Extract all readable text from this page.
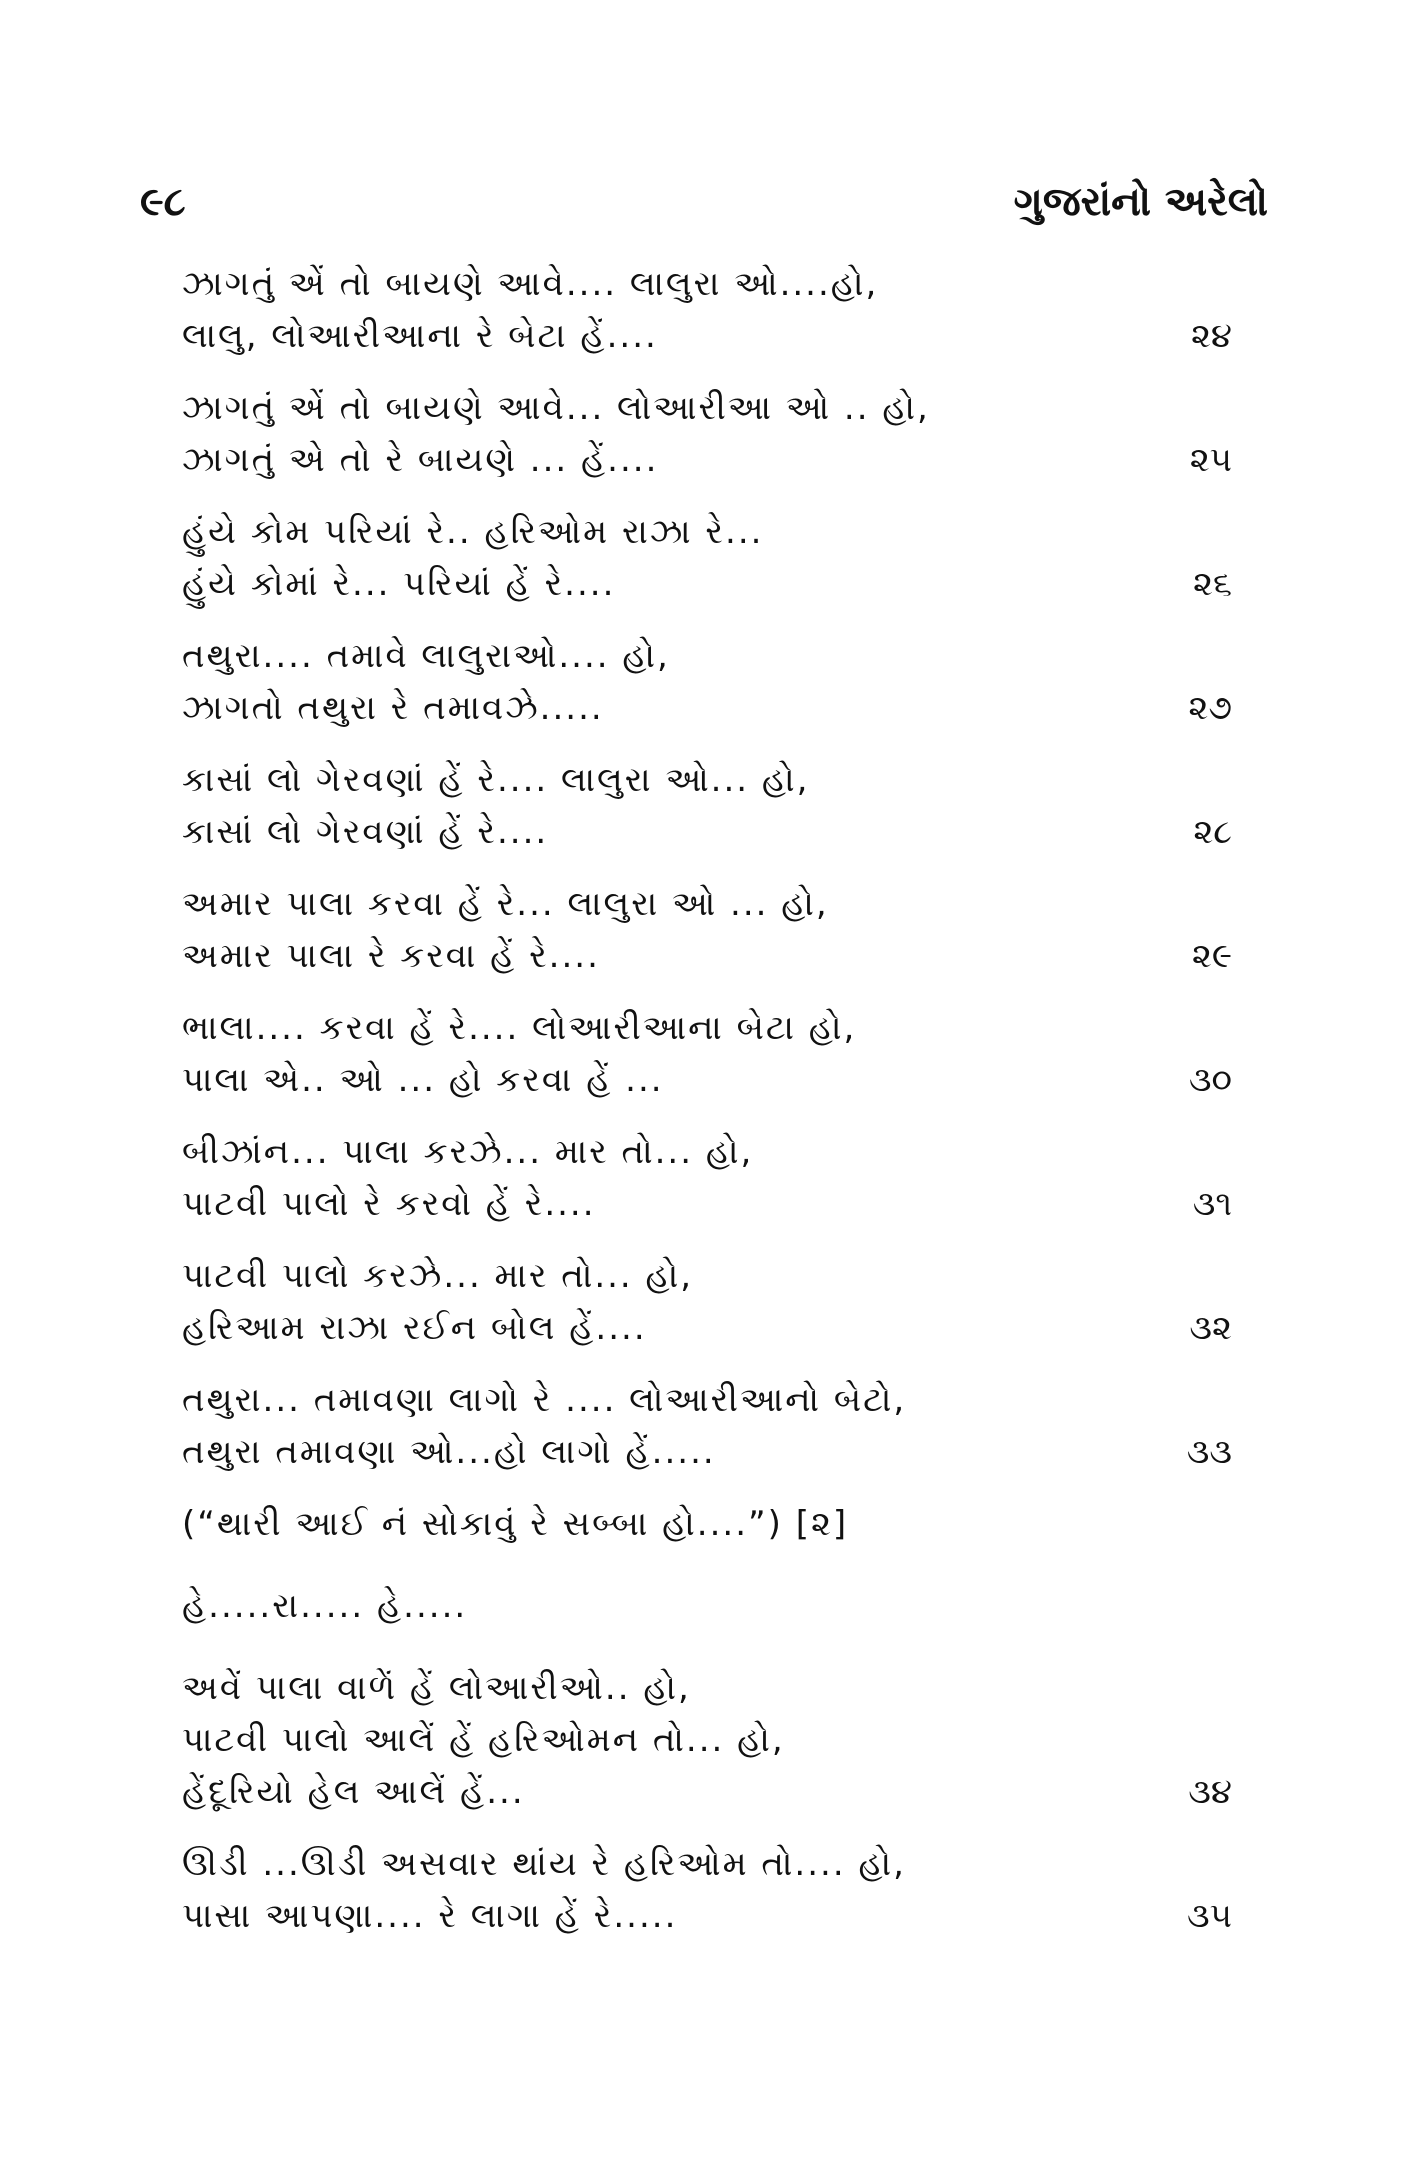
૯૮	ગુજરાંનો અરેલો
ઝાગતું એં તો બાયણે આવે.... લાલુરા ઓ....હો,
લાલુ, લોઆરીઆના રે બેટા હેં....	૨૪
ઝાગતું એં તો બાયણે આવે... લોઆરીઆ ઓ .. હો,
ઝાગતું એ તો રે બાયણે ... હેં....	૨૫
હુંયે કોમ પરિયાં રે.. હરિઓમ રાઝા રે...
હુંયે કોમાં રે... પરિયાં હેં રે....	૨૬
તથુરા.... તમાવે લાલુરાઓ.... હો,
ઝાગતો તથુરા રે તમાવઝે.....	૨૭
કાસાં લો ગેરવણાં હેં રે.... લાલુરા ઓ... હો,
કાસાં લો ગેરવણાં હેં રે....	૨૮
અમાર પાલા કરવા હેં રે... લાલુરા ઓ ... હો,
અમાર પાલા રે કરવા હેં રે....	૨૯
ભાલા.... કરવા હેં રે.... લોઆરીઆના બેટા હો,
પાલા એ.. ઓ ... હો કરવા હેં ...	૩૦
બીઝાંન... પાલા કરઝે... માર તો... હો,
પાટવી પાલો રે કરવો હેં રે....	૩૧
પાટવી પાલો કરઝે... માર તો... હો,
હરિઆમ રાઝા રઈન બોલ હેં....	૩૨
તથુરા... તમાવણા લાગો રે .... લોઆરીઆનો બેટો,
તથુરા તમાવણા ઓ...હો લાગો હેં.....	૩૩
(“થારી આઈ નં સોકાવું રે સબ્બા હો....”) [૨]
હે.....રા..... હે.....
અવેં પાલા વાળેં હેં લોઆરીઓ.. હો,
પાટવી પાલો આલેં હેં હરિઓમન તો... હો,
હેંદૂરિયો હેલ આલેં હેં...	૩૪
ઊડી ...ઊડી અસવાર થાંય રે હરિઓમ તો.... હો,
પાસા આપણા.... રે લાગા હેં રે.....	૩૫
